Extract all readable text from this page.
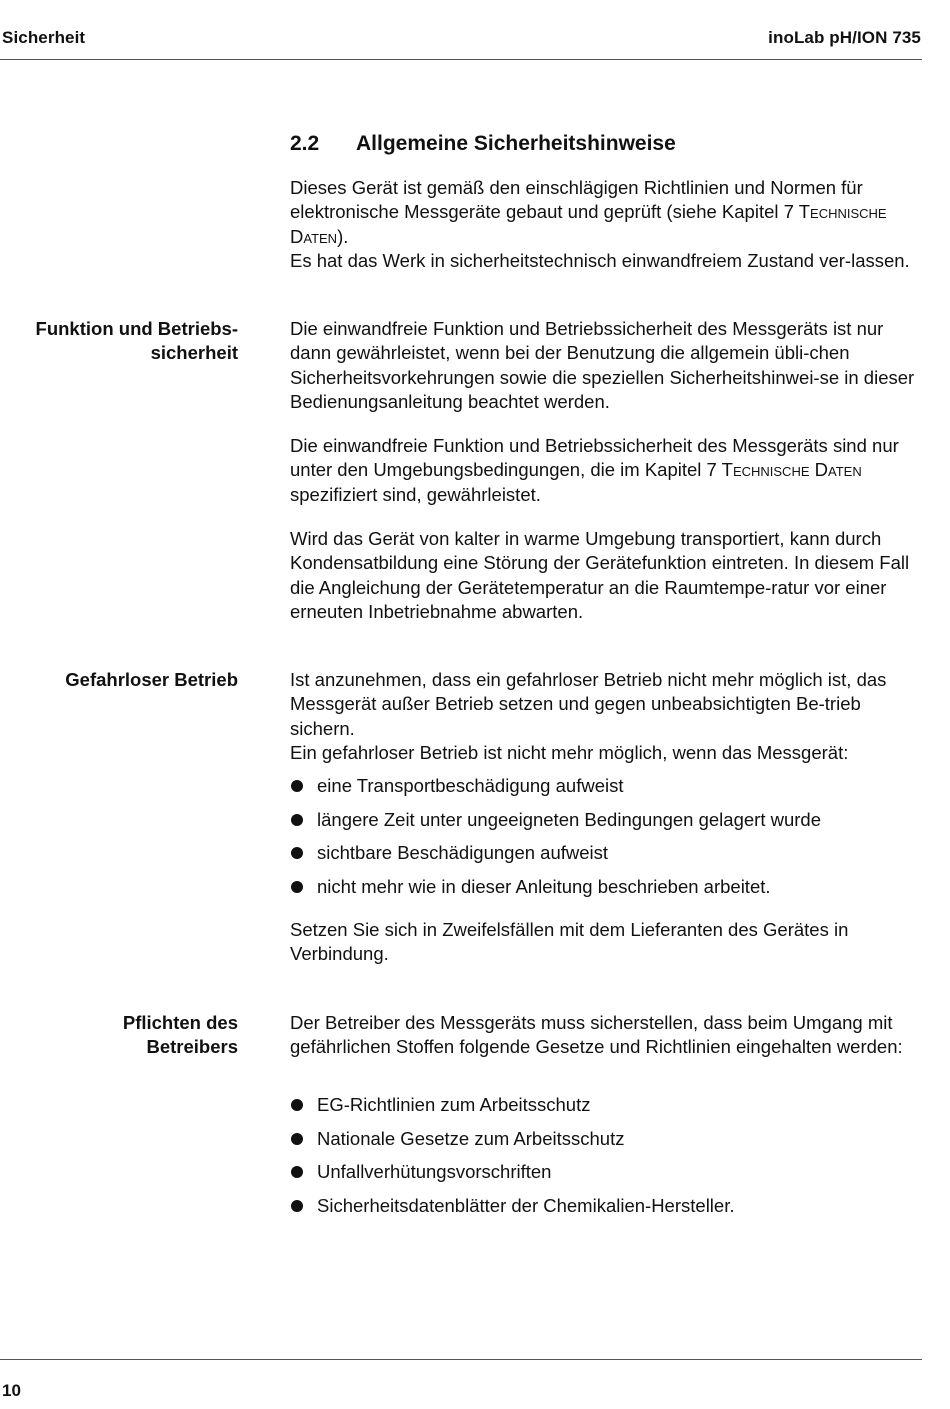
Sicherheit	inoLab pH/ION 735
2.2 Allgemeine Sicherheitshinweise
Dieses Gerät ist gemäß den einschlägigen Richtlinien und Normen für elektronische Messgeräte gebaut und geprüft (siehe Kapitel 7 Technische Daten).
Es hat das Werk in sicherheitstechnisch einwandfreiem Zustand ver-lassen.
Funktion und Betriebs-
sicherheit
Die einwandfreie Funktion und Betriebssicherheit des Messgeräts ist nur dann gewährleistet, wenn bei der Benutzung die allgemein übli-chen Sicherheitsvorkehrungen sowie die speziellen Sicherheitshinwei-se in dieser Bedienungsanleitung beachtet werden.
Die einwandfreie Funktion und Betriebssicherheit des Messgeräts sind nur unter den Umgebungsbedingungen, die im Kapitel 7 Technische Daten spezifiziert sind, gewährleistet.
Wird das Gerät von kalter in warme Umgebung transportiert, kann durch Kondensatbildung eine Störung der Gerätefunktion eintreten. In diesem Fall die Angleichung der Gerätetemperatur an die Raumtempe-ratur vor einer erneuten Inbetriebnahme abwarten.
Gefahrloser Betrieb	Ist anzunehmen, dass ein gefahrloser Betrieb nicht mehr möglich ist, das Messgerät außer Betrieb setzen und gegen unbeabsichtigten Be-trieb sichern.
Ein gefahrloser Betrieb ist nicht mehr möglich, wenn das Messgerät:
eine Transportbeschädigung aufweist
längere Zeit unter ungeeigneten Bedingungen gelagert wurde
sichtbare Beschädigungen aufweist
nicht mehr wie in dieser Anleitung beschrieben arbeitet.
Setzen Sie sich in Zweifelsfällen mit dem Lieferanten des Gerätes in Verbindung.
Pflichten des
Betreibers
Der Betreiber des Messgeräts muss sicherstellen, dass beim Umgang mit gefährlichen Stoffen folgende Gesetze und Richtlinien eingehalten werden:
EG-Richtlinien zum Arbeitsschutz
Nationale Gesetze zum Arbeitsschutz
Unfallverhütungsvorschriften
Sicherheitsdatenblätter der Chemikalien-Hersteller.
10
